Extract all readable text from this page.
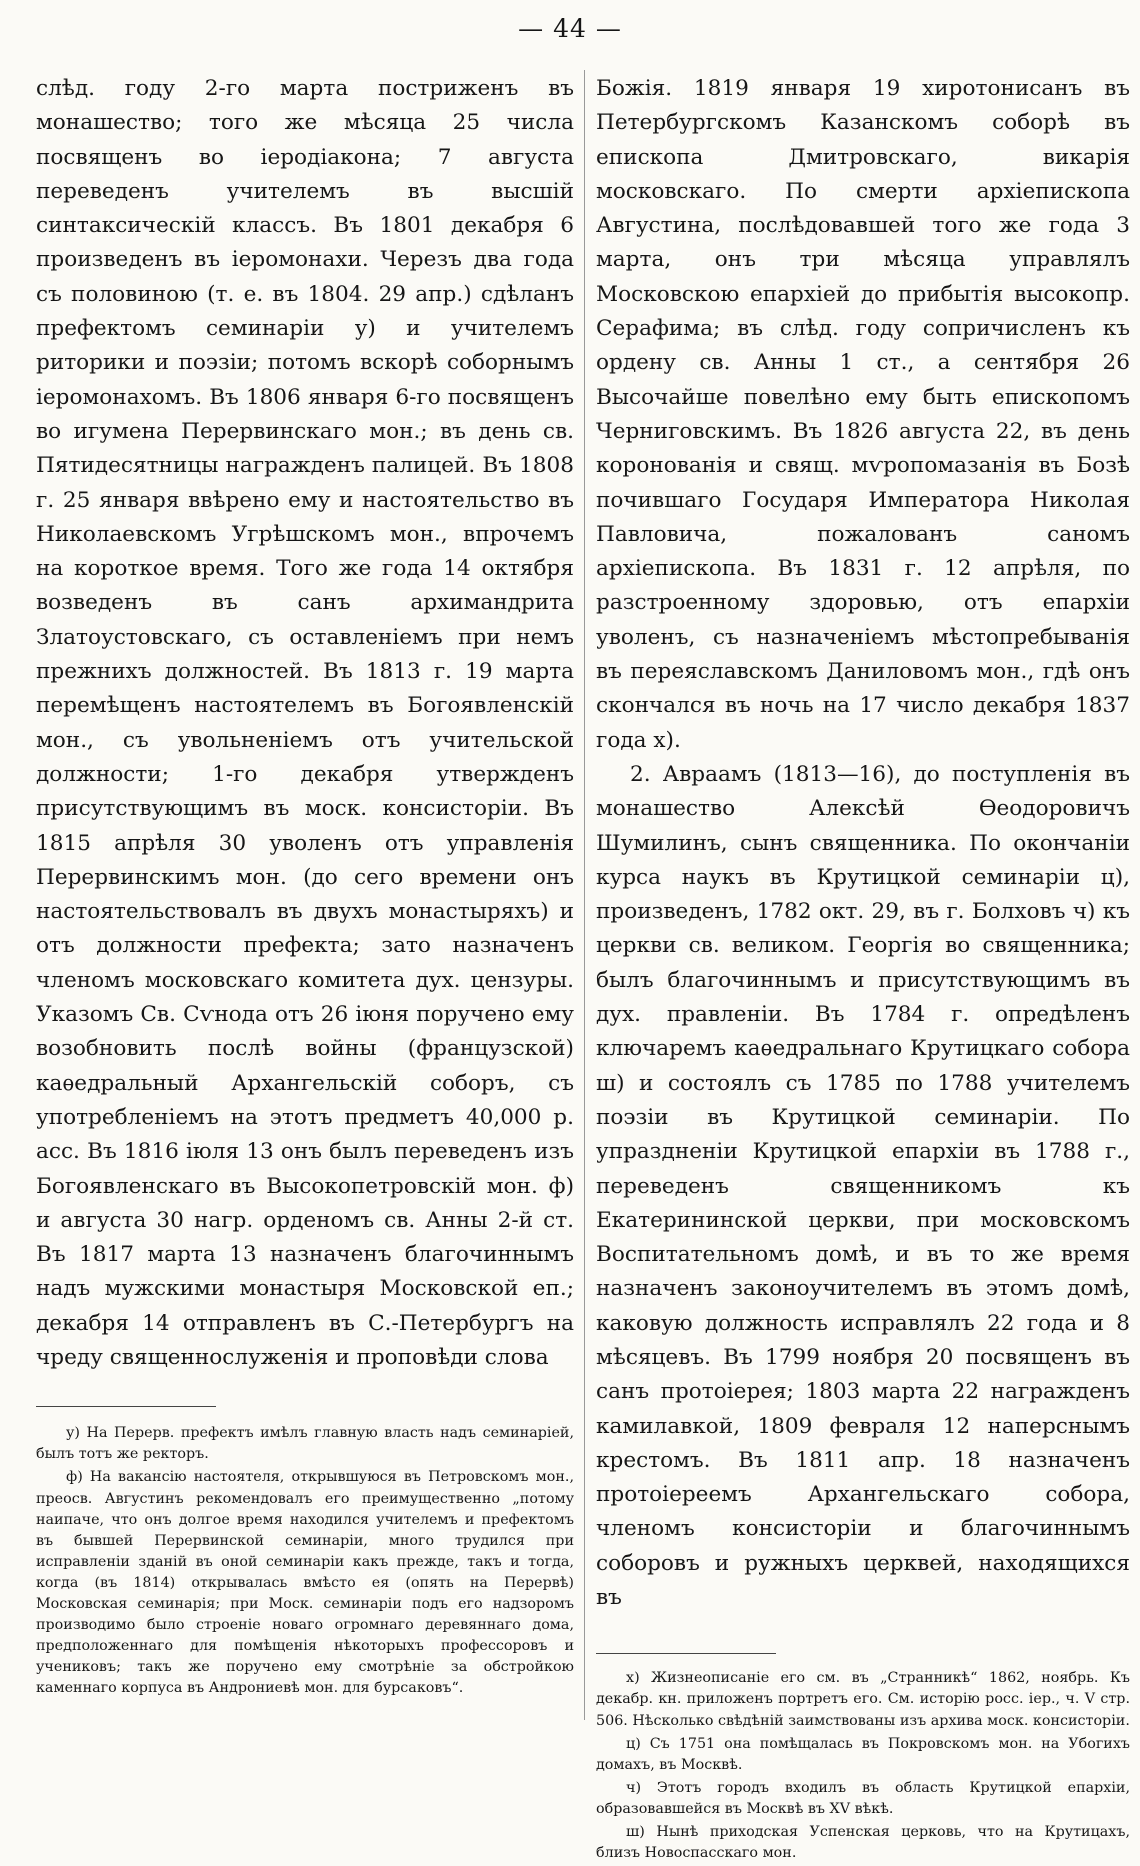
— 44 —

слѣд. году 2-го марта постриженъ въ монашество; того же мѣсяца 25 числа посвященъ во іеродіакона; 7 августа переведенъ учителемъ въ высшій синтаксическій классъ. Въ 1801 декабря 6 произведенъ въ іеромонахи. Черезъ два года съ половиною (т. е. въ 1804. 29 апр.) сдѣланъ префектомъ семинаріи у) и учителемъ риторики и поэзіи; потомъ вскорѣ соборнымъ іеромонахомъ. Въ 1806 января 6-го посвященъ во игумена Перервинскаго мон.; въ день св. Пятидесятницы награжденъ палицей. Въ 1808 г. 25 января ввѣрено ему и настоятельство въ Николаевскомъ Угрѣшскомъ мон., впрочемъ на короткое время. Того же года 14 октября возведенъ въ санъ архимандрита Златоустовскаго, съ оставленіемъ при немъ прежнихъ должностей. Въ 1813 г. 19 марта перемѣщенъ настоятелемъ въ Богоявленскій мон., съ увольненіемъ отъ учительской должности; 1-го декабря утвержденъ присутствующимъ въ моск. консисторіи. Въ 1815 апрѣля 30 уволенъ отъ управленія Перервинскимъ мон. (до сего времени онъ настоятельствовалъ въ двухъ монастыряхъ) и отъ должности префекта; зато назначенъ членомъ московскаго комитета дух. цензуры. Указомъ Св. Сѵнода отъ 26 іюня поручено ему возобновить послѣ войны (французской) каѳедральный Архангельскій соборъ, съ употребленіемъ на этотъ предметъ 40,000 р. асс. Въ 1816 іюля 13 онъ былъ переведенъ изъ Богоявленскаго въ Высокопетровскій мон. ф) и августа 30 нагр. орденомъ св. Анны 2-й ст. Въ 1817 марта 13 назначенъ благочиннымъ надъ мужскими монастыря Московской еп.; декабря 14 отправленъ въ С.-Петербургъ на чреду священнослуженія и проповѣди слова

у) На Перерв. префектъ имѣлъ главную власть надъ семинаріей, былъ тотъ же ректоръ.

ф) На вакансію настоятеля, открывшуюся въ Петровскомъ мон., преосв. Августинъ рекомендовалъ его преимущественно „потому наипаче, что онъ долгое время находился учителемъ и префектомъ въ бывшей Перервинской семинаріи, много трудился при исправленіи зданій въ оной семинаріи какъ прежде, такъ и тогда, когда (въ 1814) открывалась вмѣсто ея (опять на Перервѣ) Московская семинарія; при Моск. семинаріи подъ его надзоромъ производимо было строеніе новаго огромнаго деревяннаго дома, предположеннаго для помѣщенія нѣкоторыхъ профессоровъ и учениковъ; такъ же поручено ему смотрѣніе за обстройкою каменнаго корпуса въ Андрониевѣ мон. для бурсаковъ“.

Божія. 1819 января 19 хиротонисанъ въ Петербургскомъ Казанскомъ соборѣ въ епископа Дмитровскаго, викарія московскаго. По смерти архіепископа Августина, послѣдовавшей того же года 3 марта, онъ три мѣсяца управлялъ Московскою епархіей до прибытія высокопр. Серафима; въ слѣд. году сопричисленъ къ ордену св. Анны 1 ст., а сентября 26 Высочайше повелѣно ему быть епископомъ Черниговскимъ. Въ 1826 августа 22, въ день коронованія и свящ. мѵропомазанія въ Бозѣ почившаго Государя Императора Николая Павловича, пожалованъ саномъ архіепископа. Въ 1831 г. 12 апрѣля, по разстроенному здоровью, отъ епархіи уволенъ, съ назначеніемъ мѣстопребыванія въ переяславскомъ Даниловомъ мон., гдѣ онъ скончался въ ночь на 17 число декабря 1837 года х).

2. Авраамъ (1813—16), до поступленія въ монашество Алексѣй Ѳеодоровичъ Шумилинъ, сынъ священника. По окончаніи курса наукъ въ Крутицкой семинаріи ц), произведенъ, 1782 окт. 29, въ г. Болховъ ч) къ церкви св. великом. Георгія во священника; былъ благочиннымъ и присутствующимъ въ дух. правленіи. Въ 1784 г. опредѣленъ ключаремъ каѳедральнаго Крутицкаго собора ш) и состоялъ съ 1785 по 1788 учителемъ поэзіи въ Крутицкой семинаріи. По упраздненіи Крутицкой епархіи въ 1788 г., переведенъ священникомъ къ Екатерининской церкви, при московскомъ Воспитательномъ домѣ, и въ то же время назначенъ законоучителемъ въ этомъ домѣ, каковую должность исправлялъ 22 года и 8 мѣсяцевъ. Въ 1799 ноября 20 посвященъ въ санъ протоіерея; 1803 марта 22 награжденъ камилавкой, 1809 февраля 12 наперснымъ крестомъ. Въ 1811 апр. 18 назначенъ протоіереемъ Архангельскаго собора, членомъ консисторіи и благочиннымъ соборовъ и ружныхъ церквей, находящихся въ

х) Жизнеописаніе его см. въ „Странникѣ“ 1862, ноябрь. Къ декабр. кн. приложенъ портретъ его. См. исторію росс. іер., ч. V стр. 506. Нѣсколько свѣдѣній заимствованы изъ архива моск. консисторіи.

ц) Съ 1751 она помѣщалась въ Покровскомъ мон. на Убогихъ домахъ, въ Москвѣ.

ч) Этотъ городъ входилъ въ область Крутицкой епархіи, образовавшейся въ Москвѣ въ XV вѣкѣ.

ш) Нынѣ приходская Успенская церковь, что на Крутицахъ, близъ Новоспасскаго мон.
